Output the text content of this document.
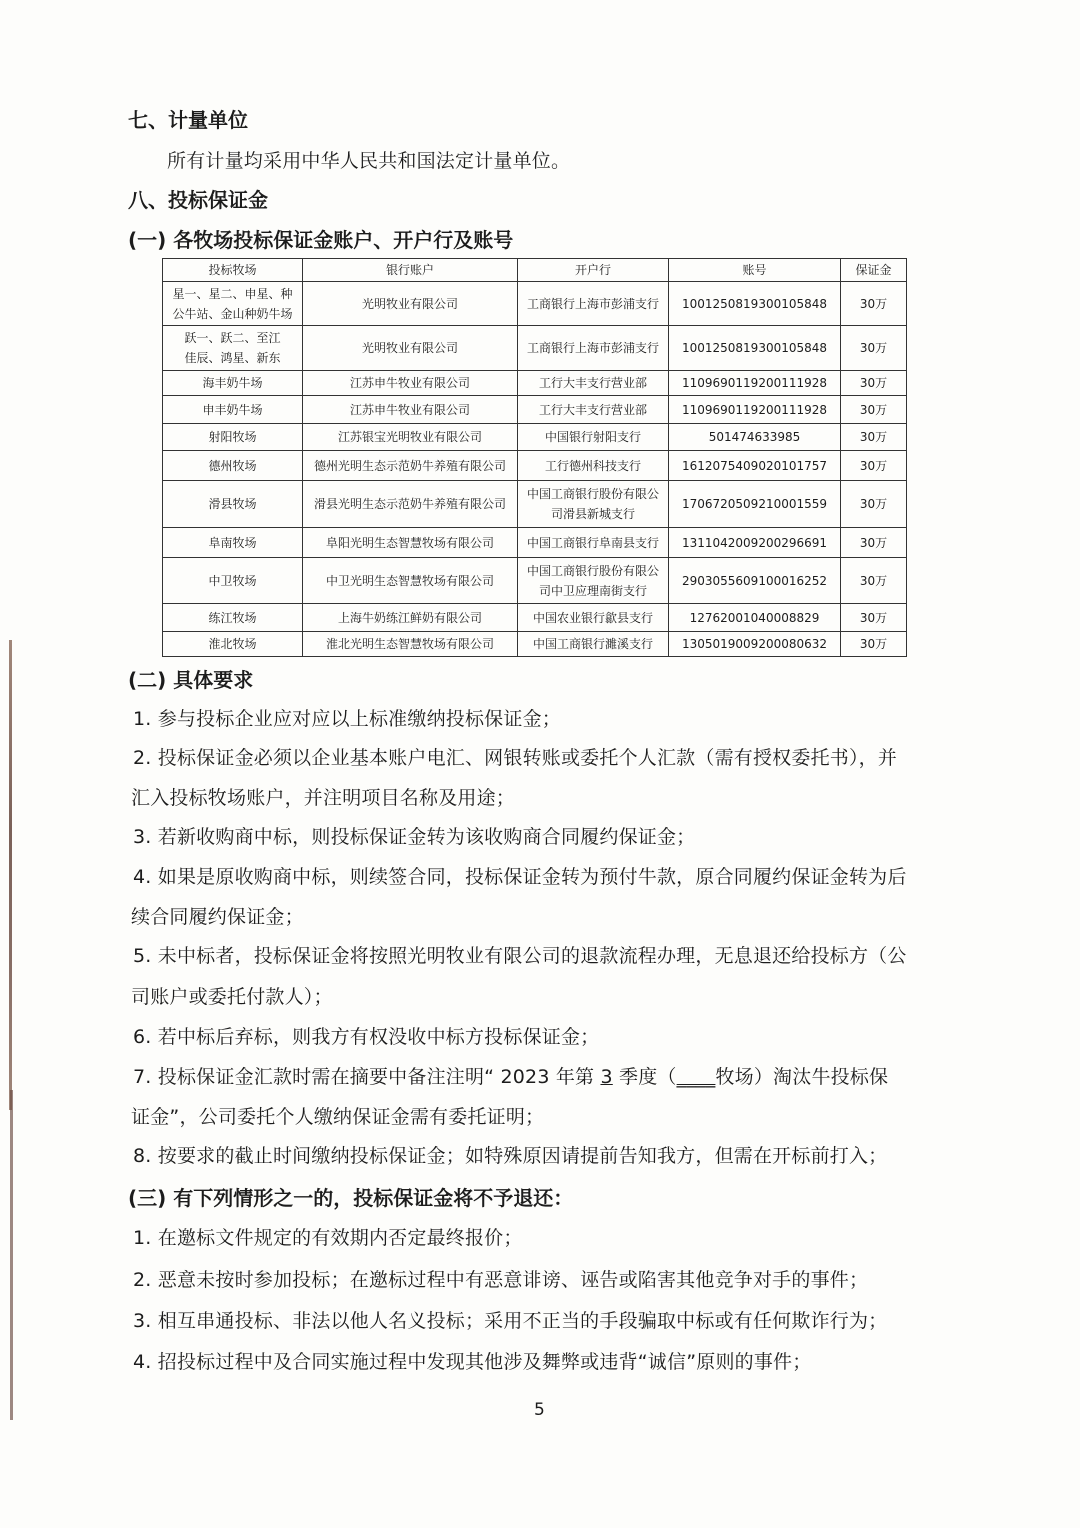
七、计量单位
所有计量均采用中华人民共和国法定计量单位。
八、投标保证金
(一) 各牧场投标保证金账户、开户行及账号
投标牧场	银行账户	开户行	账号	保证金

星一、星二、申星、种
公牛站、金山种奶牛场	光明牧业有限公司	工商银行上海市彭浦支行	1001250819300105848	30万

跃一、跃二、至江
佳辰、鸿星、新东	光明牧业有限公司	工商银行上海市彭浦支行	1001250819300105848	30万

海丰奶牛场	江苏申牛牧业有限公司	工行大丰支行营业部	1109690119200111928	30万

申丰奶牛场	江苏申牛牧业有限公司	工行大丰支行营业部	1109690119200111928	30万

射阳牧场	江苏银宝光明牧业有限公司	中国银行射阳支行	501474633985	30万

德州牧场	德州光明生态示范奶牛养殖有限公司	工行德州科技支行	1612075409020101757	30万

滑县牧场	滑县光明生态示范奶牛养殖有限公司	中国工商银行股份有限公
司滑县新城支行	1706720509210001559	30万

阜南牧场	阜阳光明生态智慧牧场有限公司	中国工商银行阜南县支行	1311042009200296691	30万

中卫牧场	中卫光明生态智慧牧场有限公司	中国工商银行股份有限公
司中卫应理南街支行	2903055609100016252	30万

练江牧场	上海牛奶练江鲜奶有限公司	中国农业银行歙县支行	12762001040008829	30万

淮北牧场	淮北光明生态智慧牧场有限公司	中国工商银行濉溪支行	1305019009200080632	30万
(二) 具体要求
1. 参与投标企业应对应以上标准缴纳投标保证金；
2. 投标保证金必须以企业基本账户电汇、网银转账或委托个人汇款（需有授权委托书），并
汇入投标牧场账户，并注明项目名称及用途；
3. 若新收购商中标，则投标保证金转为该收购商合同履约保证金；
4. 如果是原收购商中标，则续签合同，投标保证金转为预付牛款，原合同履约保证金转为后
续合同履约保证金；
5. 未中标者，投标保证金将按照光明牧业有限公司的退款流程办理，无息退还给投标方（公
司账户或委托付款人）；
6. 若中标后弃标，则我方有权没收中标方投标保证金；
7. 投标保证金汇款时需在摘要中备注注明“ 2023 年第 3 季度（____牧场）淘汰牛投标保
证金”，公司委托个人缴纳保证金需有委托证明；
8. 按要求的截止时间缴纳投标保证金；如特殊原因请提前告知我方，但需在开标前打入；
(三) 有下列情形之一的，投标保证金将不予退还：
1. 在邀标文件规定的有效期内否定最终报价；
2. 恶意未按时参加投标；在邀标过程中有恶意诽谤、诬告或陷害其他竞争对手的事件；
3. 相互串通投标、非法以他人名义投标；采用不正当的手段骗取中标或有任何欺诈行为；
4. 招投标过程中及合同实施过程中发现其他涉及舞弊或违背“诚信”原则的事件；
5
